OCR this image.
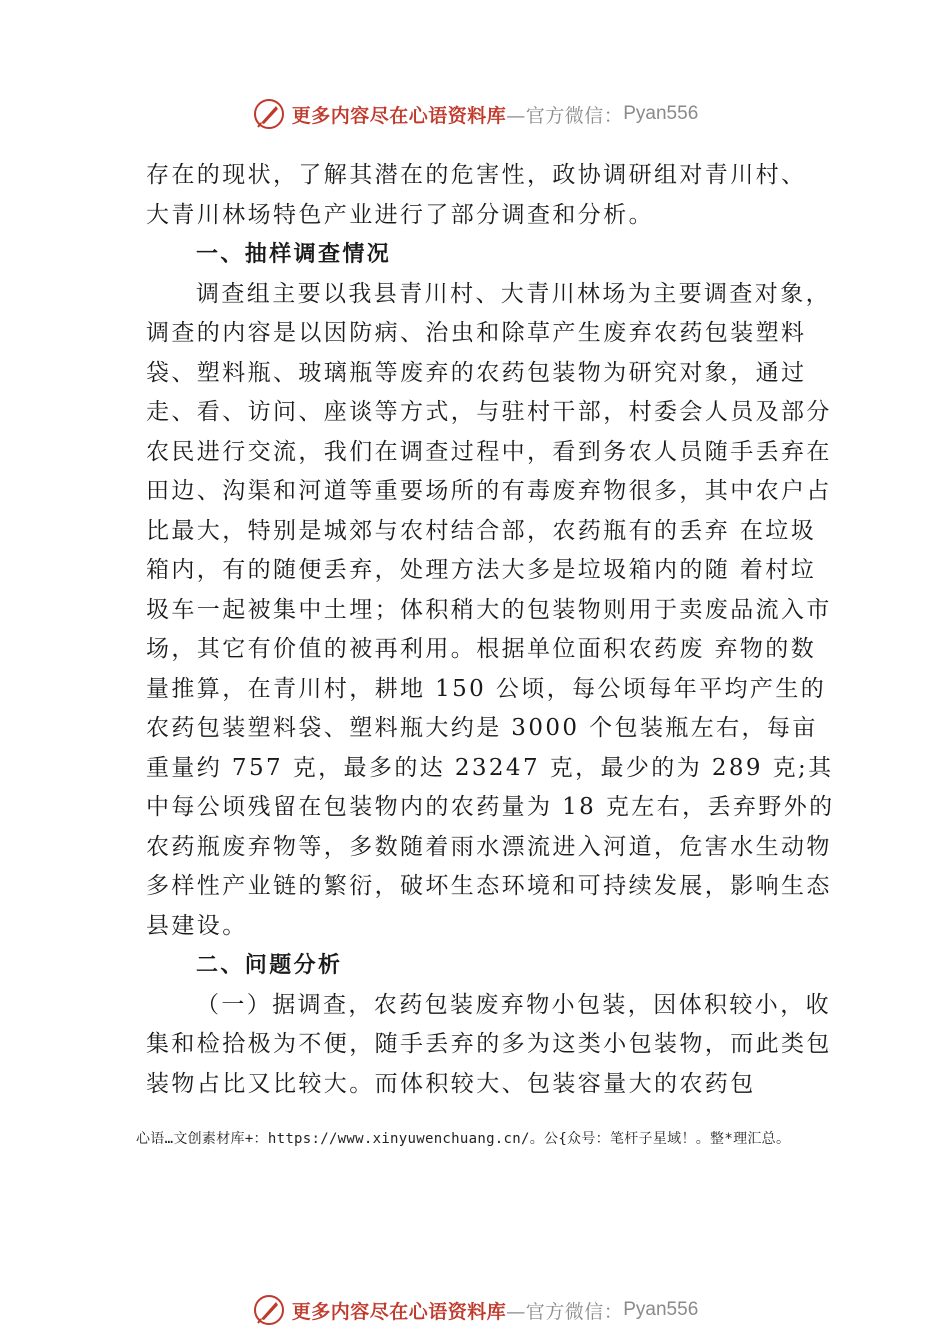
更多内容尽在心语资料库 —官方微信： Pyan556

存在的现状，了解其潜在的危害性，政协调研组对青川村、 大青川林场特色产业进行了部分调查和分析。

一、抽样调查情况

调查组主要以我县青川村、大青川林场为主要调查对象，调查的内容是以因防病、治虫和除草产生废弃农药包装塑料袋、塑料瓶、玻璃瓶等废弃的农药包装物为研究对象，通过走、看、访问、座谈等方式，与驻村干部，村委会人员及部分农民进行交流，我们在调查过程中，看到务农人员随手丢弃在田边、沟渠和河道等重要场所的有毒废弃物很多，其中农户占比最大，特别是城郊与农村结合部，农药瓶有的丢弃 在垃圾箱内，有的随便丢弃，处理方法大多是垃圾箱内的随 着村垃圾车一起被集中土埋；体积稍大的包装物则用于卖废品流入市场，其它有价值的被再利用。根据单位面积农药废 弃物的数量推算，在青川村，耕地 150 公顷，每公顷每年平均产生的农药包装塑料袋、塑料瓶大约是 3000 个包装瓶左右，每亩重量约 757 克，最多的达 23247 克，最少的为 289 克;其中每公顷残留在包装物内的农药量为 18 克左右，丢弃野外的农药瓶废弃物等，多数随着雨水漂流进入河道，危害水生动物多样性产业链的繁衍，破坏生态环境和可持续发展，影响生态县建设。

二、问题分析

（一）据调查，农药包装废弃物小包装，因体积较小，收集和检拾极为不便，随手丢弃的多为这类小包装物，而此类包装物占比又比较大。而体积较大、包装容量大的农药包

心语…文创素材库+：https://www.xinyuwenchuang.cn/。公{众号：笔杆子星域！。整*理汇总。
更多内容尽在心语资料库 —官方微信： Pyan556
